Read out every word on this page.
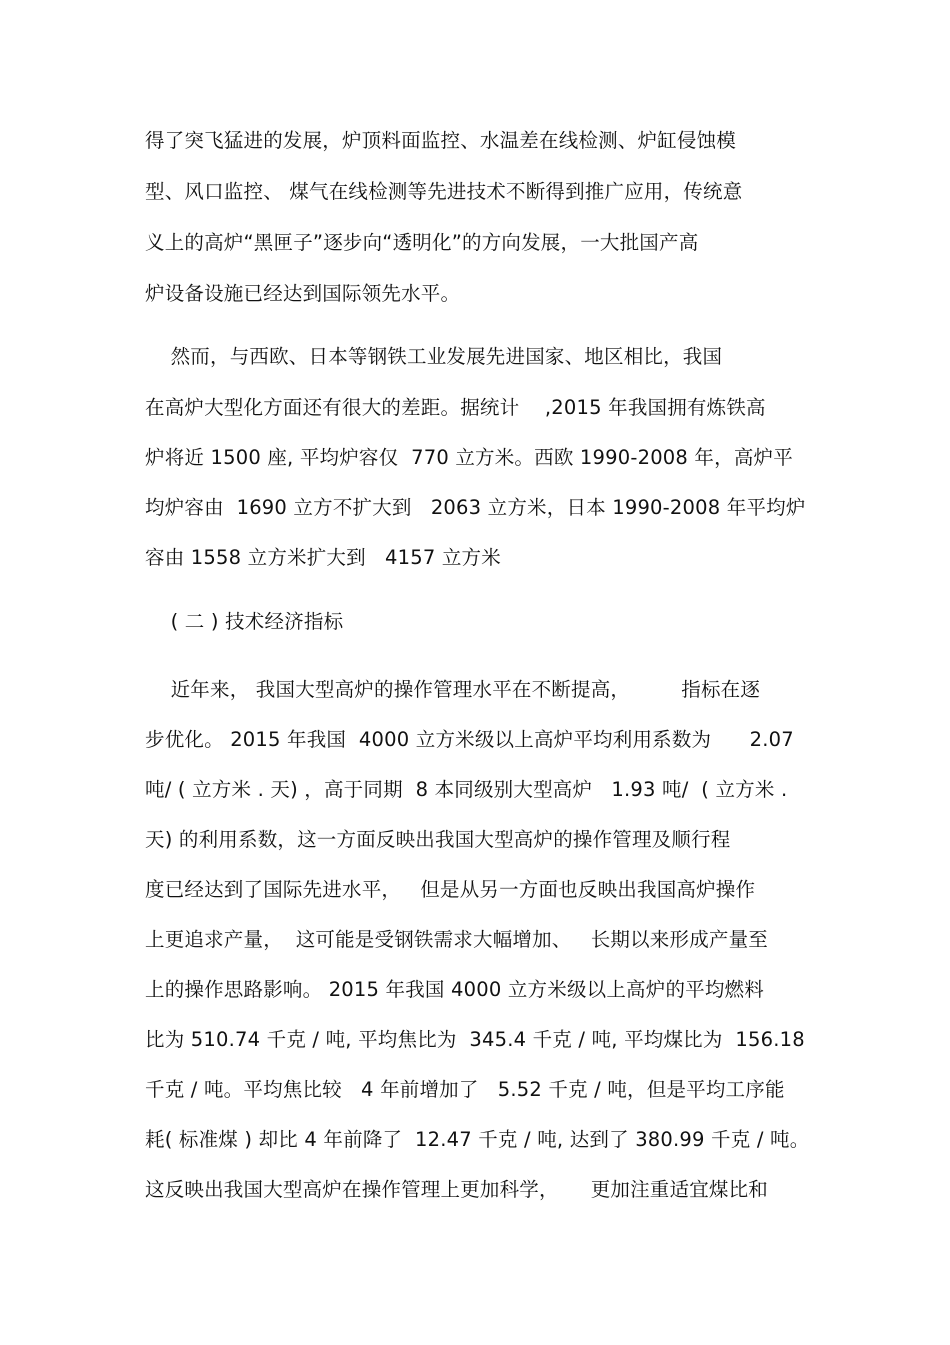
得了突飞猛进的发展，炉顶料面监控、水温差在线检测、炉缸侵蚀模
型、风口监控、 煤气在线检测等先进技术不断得到推广应用，传统意
义上的高炉“黑匣子”逐步向“透明化”的方向发展，一大批国产高
炉设备设施已经达到国际领先水平。
然而，与西欧、日本等钢铁工业发展先进国家、地区相比，我国
在高炉大型化方面还有很大的差距。据统计    ,2015 年我国拥有炼铁高
炉将近 1500 座, 平均炉容仅  770 立方米。西欧 1990-2008 年，高炉平
均炉容由  1690 立方不扩大到   2063 立方米，日本 1990-2008 年平均炉
容由 1558 立方米扩大到   4157 立方米
( 二 ) 技术经济指标
近年来， 我国大型高炉的操作管理水平在不断提高，        指标在逐
步优化。 2015 年我国  4000 立方米级以上高炉平均利用系数为      2.07
吨/ ( 立方米 . 天) ，高于同期  8 本同级别大型高炉   1.93 吨/  ( 立方米 .
天) 的利用系数，这一方面反映出我国大型高炉的操作管理及顺行程
度已经达到了国际先进水平，   但是从另一方面也反映出我国高炉操作
上更追求产量，  这可能是受钢铁需求大幅增加、   长期以来形成产量至
上的操作思路影响。 2015 年我国 4000 立方米级以上高炉的平均燃料
比为 510.74 千克 / 吨, 平均焦比为  345.4 千克 / 吨, 平均煤比为  156.18
千克 / 吨。平均焦比较   4 年前增加了   5.52 千克 / 吨，但是平均工序能
耗( 标准煤 ) 却比 4 年前降了  12.47 千克 / 吨, 达到了 380.99 千克 / 吨。
这反映出我国大型高炉在操作管理上更加科学，     更加注重适宜煤比和
